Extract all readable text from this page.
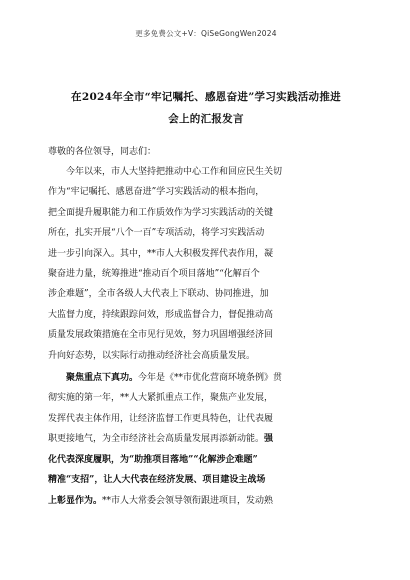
更多免费公文+V：QiSeGongWen2024
在2024年全市“牢记嘱托、感恩奋进”学习实践活动推进
会上的汇报发言
尊敬的各位领导，同志们：

今年以来，市人大坚持把推动中心工作和回应民生关切
作为“牢记嘱托、感恩奋进”学习实践活动的根本指向，
把全面提升履职能力和工作质效作为学习实践活动的关键
所在，扎实开展“八个一百”专项活动，将学习实践活动
进一步引向深入。其中，**市人大积极发挥代表作用，凝
聚奋进力量，统筹推进“推动百个项目落地”“化解百个
涉企难题”，全市各级人大代表上下联动、协同推进，加
大监督力度，持续跟踪问效，形成监督合力，督促推动高
质量发展政策措施在全市见行见效，努力巩固增强经济回
升向好态势，以实际行动推动经济社会高质量发展。

聚焦重点下真功。今年是《**市优化营商环境条例》贯
彻实施的第一年，**人大紧抓重点工作，聚焦产业发展，
发挥代表主体作用，让经济监督工作更具特色，让代表履
职更接地气，为全市经济社会高质量发展再添新动能。强
化代表深度履职，为“助推项目落地”“化解涉企难题”
精准“支招”，让人大代表在经济发展、项目建设主战场
上彰显作为。**市人大常委会领导领衔跟进项目，发动熟
